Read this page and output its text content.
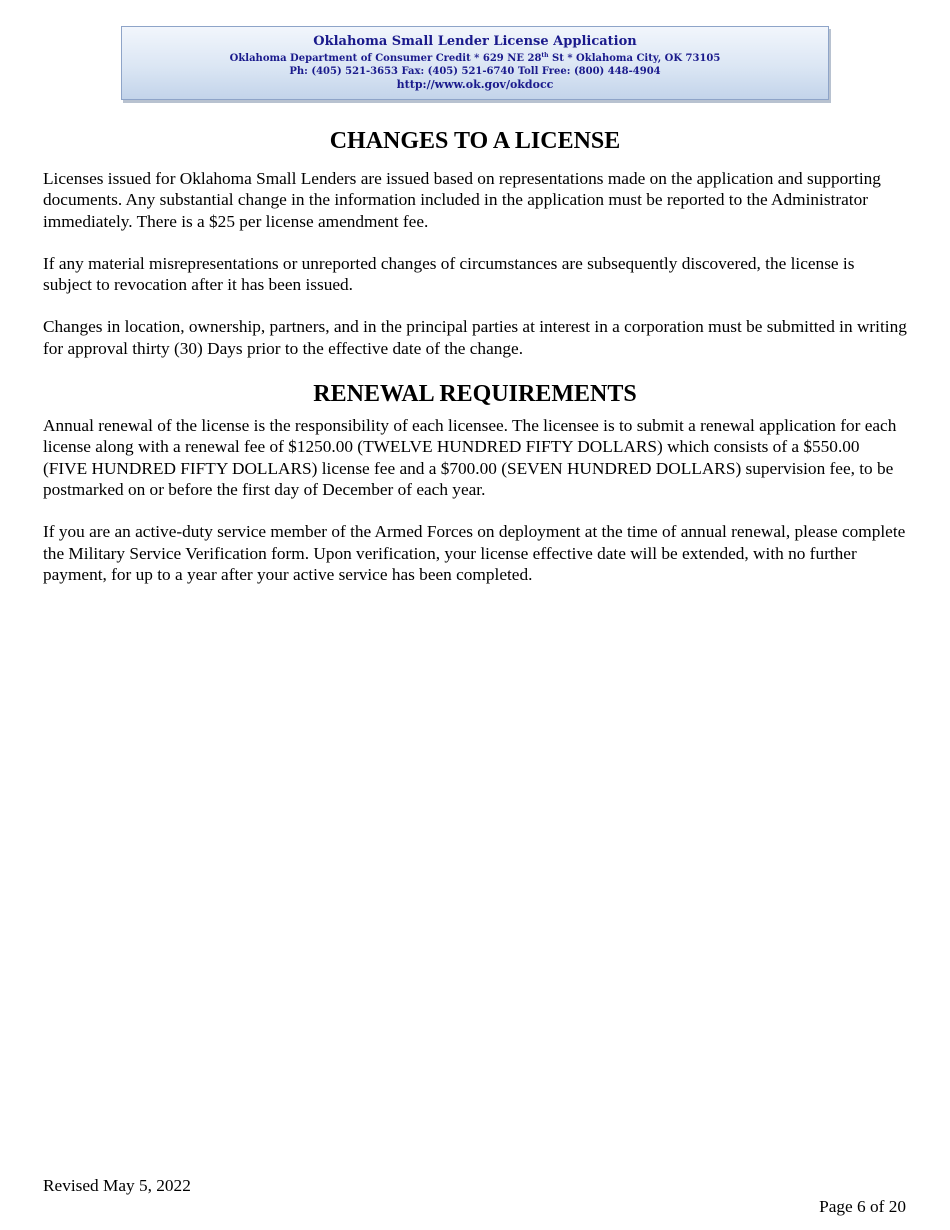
Oklahoma Small Lender License Application
Oklahoma Department of Consumer Credit * 629 NE 28th St * Oklahoma City, OK 73105
Ph: (405) 521-3653 Fax: (405) 521-6740 Toll Free: (800) 448-4904
http://www.ok.gov/okdocc
CHANGES TO A LICENSE

Licenses issued for Oklahoma Small Lenders are issued based on representations made on the application and supporting documents. Any substantial change in the information included in the application must be reported to the Administrator immediately. There is a $25 per license amendment fee.

If any material misrepresentations or unreported changes of circumstances are subsequently discovered, the license is subject to revocation after it has been issued.

Changes in location, ownership, partners, and in the principal parties at interest in a corporation must be submitted in writing for approval thirty (30) Days prior to the effective date of the change.

RENEWAL REQUIREMENTS

Annual renewal of the license is the responsibility of each licensee. The licensee is to submit a renewal application for each license along with a renewal fee of $1250.00 (TWELVE HUNDRED FIFTY DOLLARS) which consists of a $550.00 (FIVE HUNDRED FIFTY DOLLARS) license fee and a $700.00 (SEVEN HUNDRED DOLLARS) supervision fee, to be postmarked on or before the first day of December of each year.

If you are an active-duty service member of the Armed Forces on deployment at the time of annual renewal, please complete the Military Service Verification form. Upon verification, your license effective date will be extended, with no further payment, for up to a year after your active service has been completed.

Revised May 5, 2022
Page 6 of 20
